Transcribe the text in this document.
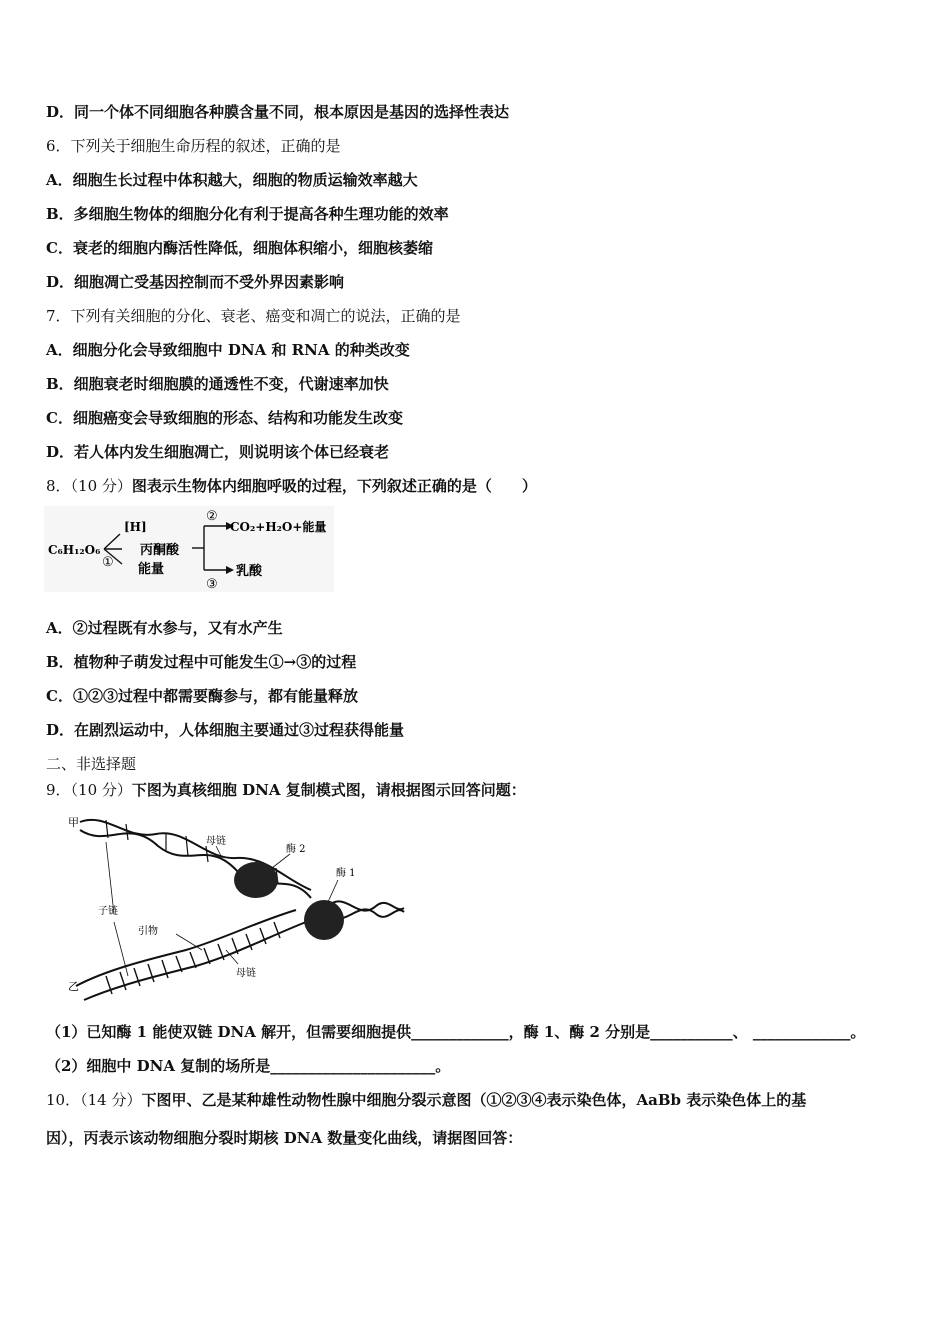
D．同一个体不同细胞各种膜含量不同，根本原因是基因的选择性表达
6．下列关于细胞生命历程的叙述，正确的是
A．细胞生长过程中体积越大，细胞的物质运输效率越大
B．多细胞生物体的细胞分化有利于提高各种生理功能的效率
C．衰老的细胞内酶活性降低，细胞体积缩小，细胞核萎缩
D．细胞凋亡受基因控制而不受外界因素影响
7．下列有关细胞的分化、衰老、癌变和凋亡的说法，正确的是
A．细胞分化会导致细胞中 DNA 和 RNA 的种类改变
B．细胞衰老时细胞膜的通透性不变，代谢速率加快
C．细胞癌变会导致细胞的形态、结构和功能发生改变
D．若人体内发生细胞凋亡，则说明该个体已经衰老
8．（10 分）图表示生物体内细胞呼吸的过程，下列叙述正确的是（　　）
C₆H₁₂O₆
[H]
丙酮酸
能量
①
②
③
CO₂+H₂O+能量
乳酸
A．②过程既有水参与，又有水产生
B．植物种子萌发过程中可能发生①→③的过程
C．①②③过程中都需要酶参与，都有能量释放
D．在剧烈运动中，人体细胞主要通过③过程获得能量
二、非选择题
9．（10 分）下图为真核细胞 DNA 复制模式图，请根据图示回答问题：
甲
乙
母链
酶 2
酶 1
子链
引物
母链
（1）已知酶 1 能使双链 DNA 解开，但需要细胞提供_____________，酶 1、酶 2 分别是___________、 _____________。
（2）细胞中 DNA 复制的场所是______________________。
10．（14 分）下图甲、乙是某种雄性动物性腺中细胞分裂示意图（①②③④表示染色体，AaBb 表示染色体上的基
因），丙表示该动物细胞分裂时期核 DNA 数量变化曲线，请据图回答：
